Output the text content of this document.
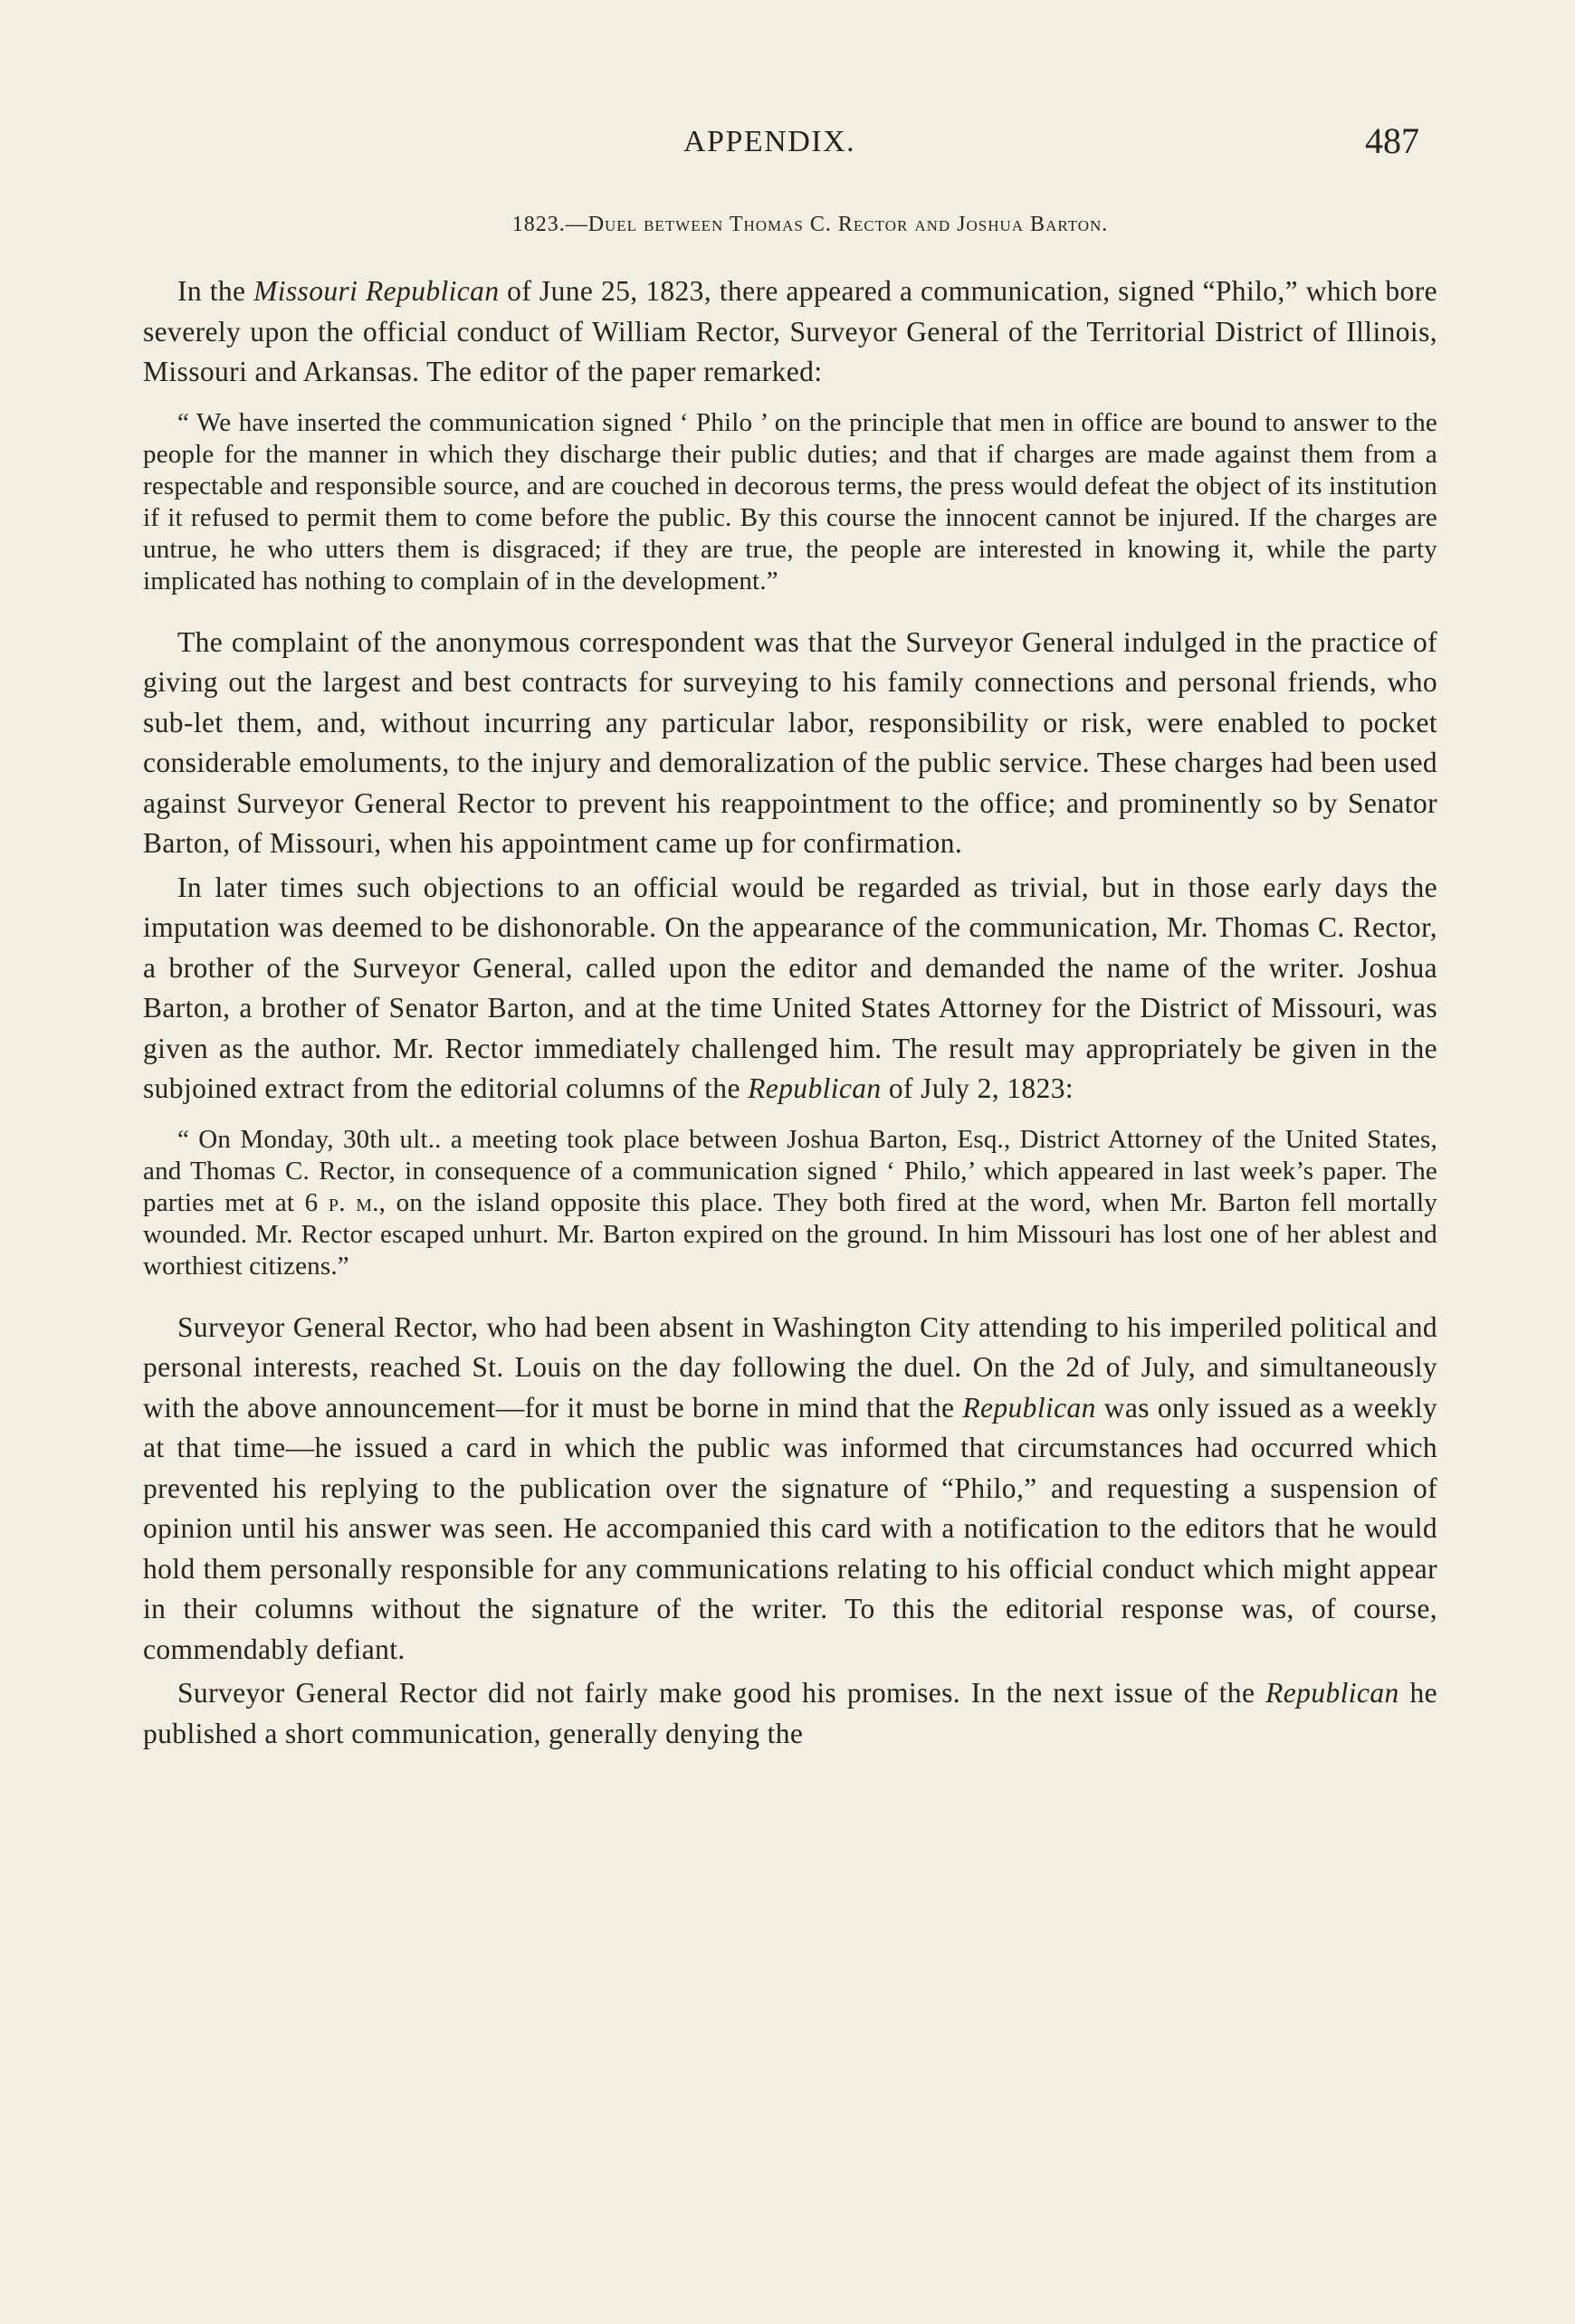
APPENDIX.	487
1823.—Duel between Thomas C. Rector and Joshua Barton.

In the Missouri Republican of June 25, 1823, there appeared a communication, signed “Philo,” which bore severely upon the official conduct of William Rector, Surveyor General of the Territorial District of Illinois, Missouri and Arkansas. The editor of the paper remarked:

“ We have inserted the communication signed ‘ Philo ’ on the principle that men in office are bound to answer to the people for the manner in which they discharge their public duties; and that if charges are made against them from a respectable and responsible source, and are couched in decorous terms, the press would defeat the object of its institution if it refused to permit them to come before the public. By this course the innocent cannot be injured. If the charges are untrue, he who utters them is disgraced; if they are true, the people are interested in knowing it, while the party implicated has nothing to complain of in the development.”

The complaint of the anonymous correspondent was that the Surveyor General indulged in the practice of giving out the largest and best contracts for surveying to his family connections and personal friends, who sub-let them, and, without incurring any particular labor, responsibility or risk, were enabled to pocket considerable emoluments, to the injury and demoralization of the public service. These charges had been used against Surveyor General Rector to prevent his reappointment to the office; and prominently so by Senator Barton, of Missouri, when his appointment came up for confirmation.

In later times such objections to an official would be regarded as trivial, but in those early days the imputation was deemed to be dishonorable. On the appearance of the communication, Mr. Thomas C. Rector, a brother of the Surveyor General, called upon the editor and demanded the name of the writer. Joshua Barton, a brother of Senator Barton, and at the time United States Attorney for the District of Missouri, was given as the author. Mr. Rector immediately challenged him. The result may appropriately be given in the subjoined extract from the editorial columns of the Republican of July 2, 1823:

“ On Monday, 30th ult.. a meeting took place between Joshua Barton, Esq., District Attorney of the United States, and Thomas C. Rector, in consequence of a communication signed ‘ Philo,’ which appeared in last week’s paper. The parties met at 6 p. m., on the island opposite this place. They both fired at the word, when Mr. Barton fell mortally wounded. Mr. Rector escaped unhurt. Mr. Barton expired on the ground. In him Missouri has lost one of her ablest and worthiest citizens.”

Surveyor General Rector, who had been absent in Washington City attending to his imperiled political and personal interests, reached St. Louis on the day following the duel. On the 2d of July, and simultaneously with the above announcement—for it must be borne in mind that the Republican was only issued as a weekly at that time—he issued a card in which the public was informed that circumstances had occurred which prevented his replying to the publication over the signature of “Philo,” and requesting a suspension of opinion until his answer was seen. He accompanied this card with a notification to the editors that he would hold them personally responsible for any communications relating to his official conduct which might appear in their columns without the signature of the writer. To this the editorial response was, of course, commendably defiant.

Surveyor General Rector did not fairly make good his promises. In the next issue of the Republican he published a short communication, generally denying the
